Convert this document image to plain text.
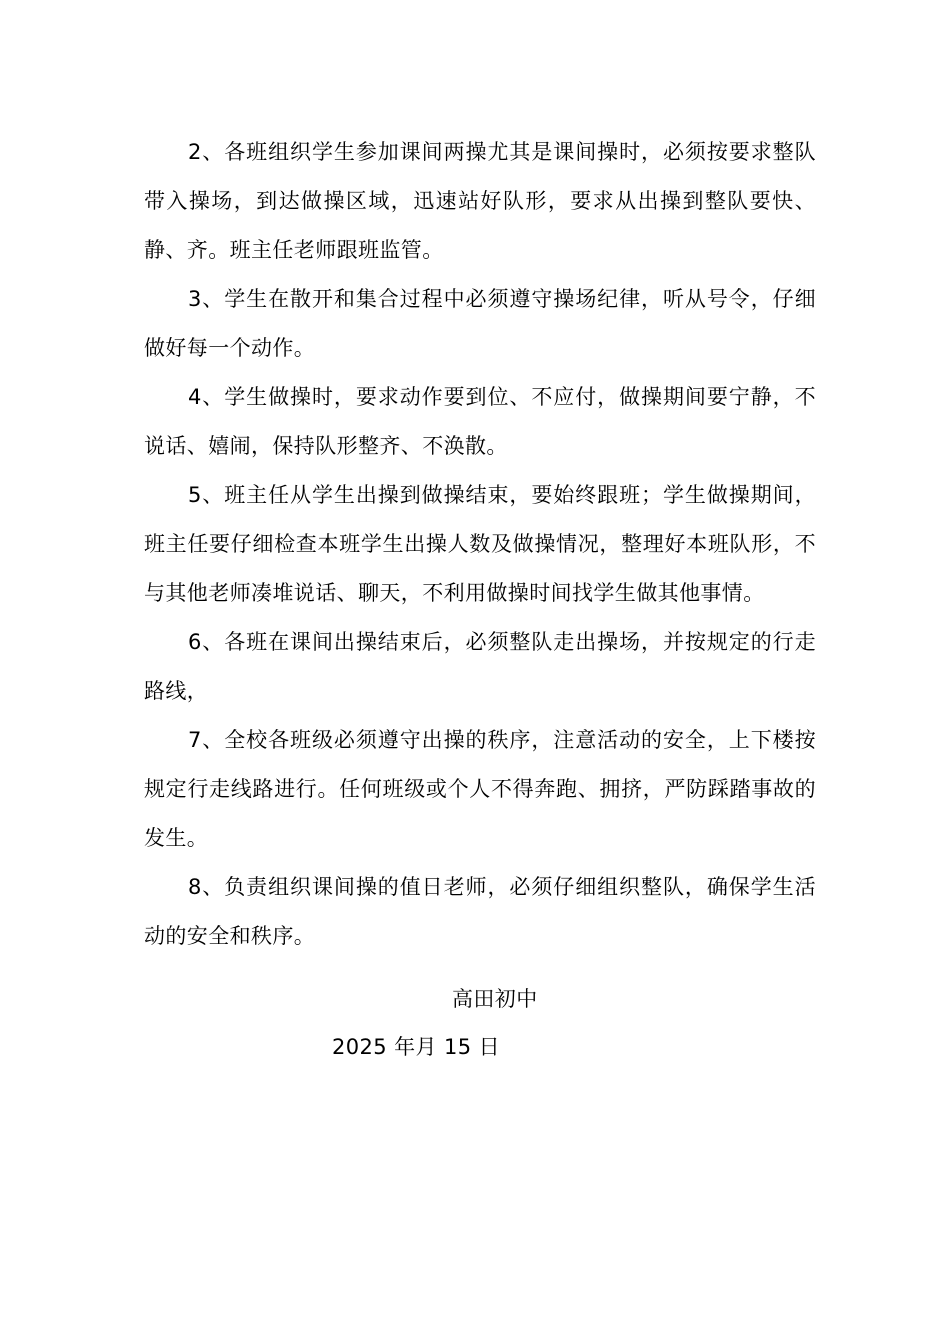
2、各班组织学生参加课间两操尤其是课间操时，必须按要求整队带入操场，到达做操区域，迅速站好队形，要求从出操到整队要快、静、齐。班主任老师跟班监管。

3、学生在散开和集合过程中必须遵守操场纪律，听从号令，仔细做好每一个动作。

4、学生做操时，要求动作要到位、不应付，做操期间要宁静，不说话、嬉闹，保持队形整齐、不涣散。

5、班主任从学生出操到做操结束，要始终跟班；学生做操期间，班主任要仔细检查本班学生出操人数及做操情况，整理好本班队形，不与其他老师凑堆说话、聊天，不利用做操时间找学生做其他事情。

6、各班在课间出操结束后，必须整队走出操场，并按规定的行走路线，

7、全校各班级必须遵守出操的秩序，注意活动的安全，上下楼按规定行走线路进行。任何班级或个人不得奔跑、拥挤，严防踩踏事故的发生。

8、负责组织课间操的值日老师，必须仔细组织整队，确保学生活动的安全和秩序。

高田初中
2025 年月 15 日
